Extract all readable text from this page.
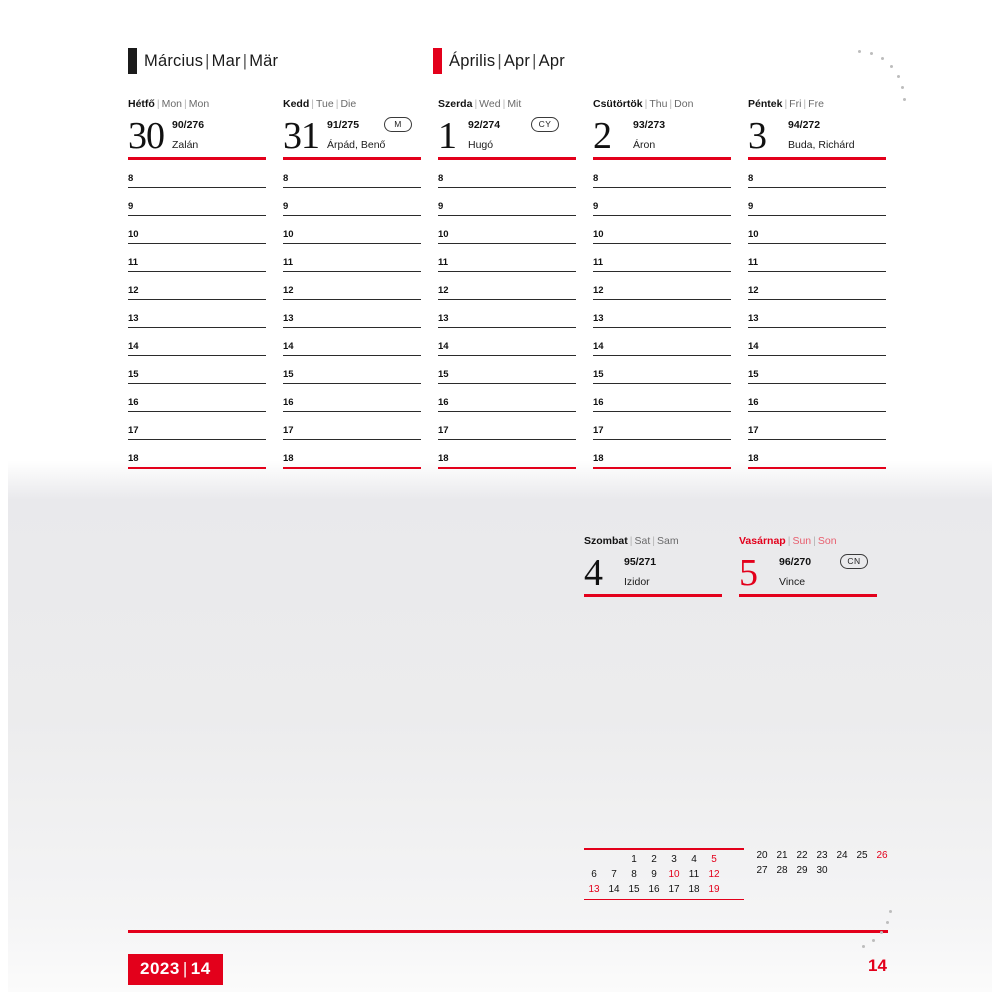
Március | Mar | Mär	Április | Apr | Apr
Hétfő | Mon | Mon
30 90/276
Zalán
8
9
10
11
12
13
14
15
16
17
18
Kedd | Tue | Die
31 91/275
Árpád, Benő
M
8
9
10
11
12
13
14
15
16
17
18
Szerda | Wed | Mit
1 92/274
Hugó
CY
8
9
10
11
12
13
14
15
16
17
18
Csütörtök | Thu | Don
2 93/273
Áron
8
9
10
11
12
13
14
15
16
17
18
Péntek | Fri | Fre
3 94/272
Buda, Richárd
8
9
10
11
12
13
14
15
16
17
18
Szombat | Sat | Sam
4 95/271
Izidor
Vasárnap | Sun | Son
5 96/270
Vince
CN
		1	2	3	4	5
6	7	8	9	10	11	12
13	14	15	16	17	18	19
20	21	22	23	24	25	26
27	28	29	30			

2023 | 14	14
